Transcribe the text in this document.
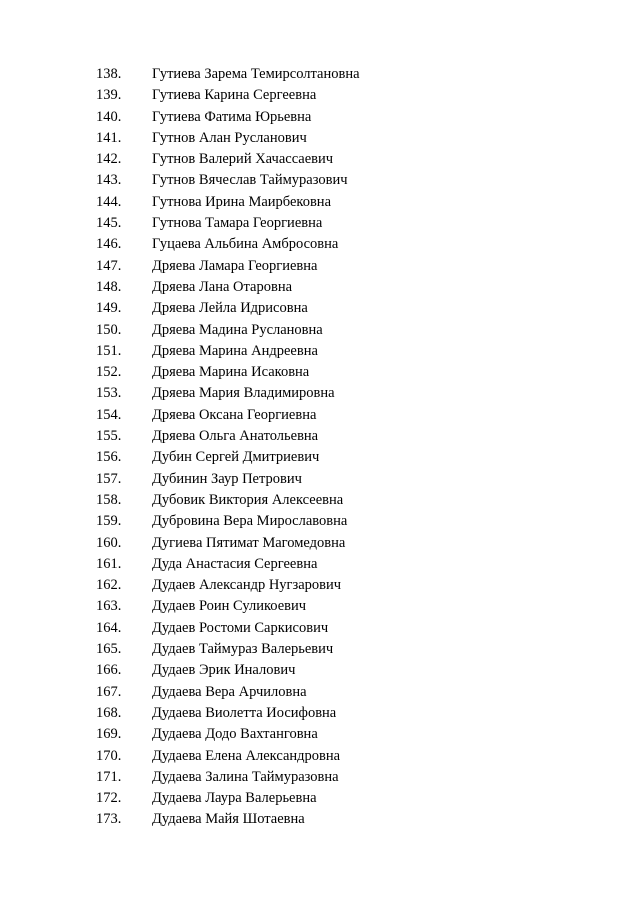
138. Гутиева Зарема Темирсолтановна
139. Гутиева Карина Сергеевна
140. Гутиева Фатима Юрьевна
141. Гутнов Алан Русланович
142. Гутнов Валерий Хачассаевич
143. Гутнов Вячеслав Таймуразович
144. Гутнова Ирина Маирбековна
145. Гутнова Тамара Георгиевна
146. Гуцаева Альбина Амбросовна
147. Дряева Ламара Георгиевна
148. Дряева Лана Отаровна
149. Дряева Лейла Идрисовна
150. Дряева Мадина Руслановна
151. Дряева Марина Андреевна
152. Дряева Марина Исаковна
153. Дряева Мария Владимировна
154. Дряева Оксана Георгиевна
155. Дряева Ольга Анатольевна
156. Дубин Сергей Дмитриевич
157. Дубинин Заур Петрович
158. Дубовик Виктория Алексеевна
159. Дубровина Вера Мирославовна
160. Дугиева Пятимат Магомедовна
161. Дуда Анастасия Сергеевна
162. Дудаев Александр Нугзарович
163. Дудаев Роин Суликоевич
164. Дудаев Ростоми Саркисович
165. Дудаев Таймураз Валерьевич
166. Дудаев Эрик Иналович
167. Дудаева Вера Арчиловна
168. Дудаева Виолетта Иосифовна
169. Дудаева Додо Вахтанговна
170. Дудаева Елена Александровна
171. Дудаева Залина Таймуразовна
172. Дудаева Лаура Валерьевна
173. Дудаева Майя Шотаевна
